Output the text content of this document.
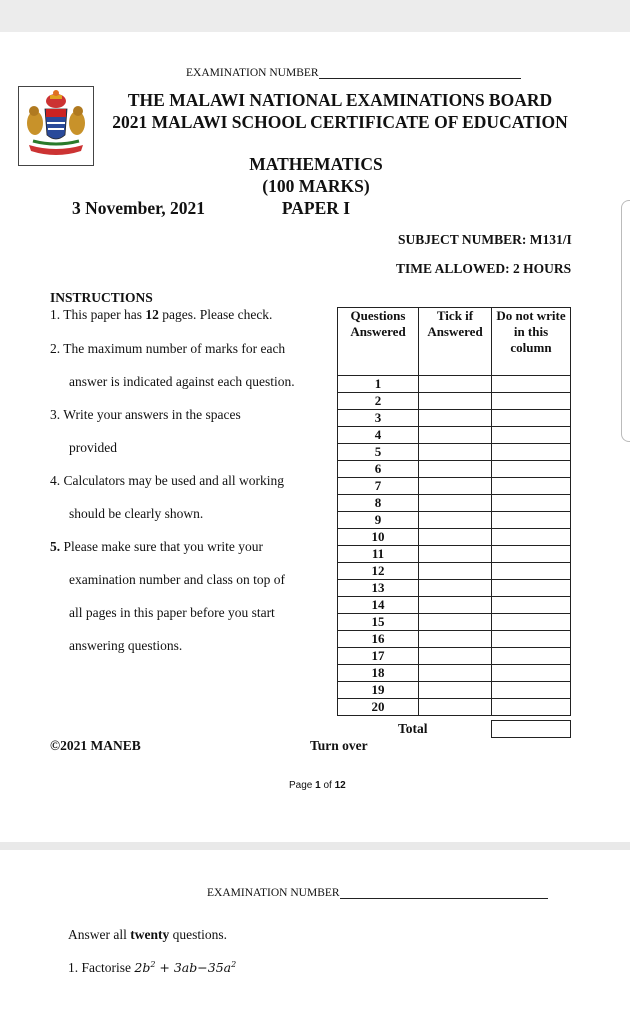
EXAMINATION NUMBER
THE MALAWI NATIONAL EXAMINATIONS BOARD
2021 MALAWI SCHOOL CERTIFICATE OF EDUCATION
MATHEMATICS
(100 MARKS)
3 November, 2021	PAPER I
SUBJECT NUMBER: M131/I
TIME ALLOWED: 2 HOURS
INSTRUCTIONS
1. This paper has 12 pages. Please check.
2. The maximum number of marks for each
answer is indicated against each question.
3. Write your answers in the spaces
provided
4. Calculators may be used and all working
should be clearly shown.
5. Please make sure that you write your
examination number and class on top of
all pages in this paper before you start
answering questions.
Questions Answered	Tick if Answered	Do not write in this column
1		
2		
3		
4		
5		
6		
7		
8		
9		
10		
11		
12		
13		
14		
15		
16		
17		
18		
19		
20		
Total
©2021 MANEB	Turn over
Page 1 of 12
EXAMINATION NUMBER
Answer all twenty questions.
1. Factorise $2b^2 + 3ab-35a^2$
